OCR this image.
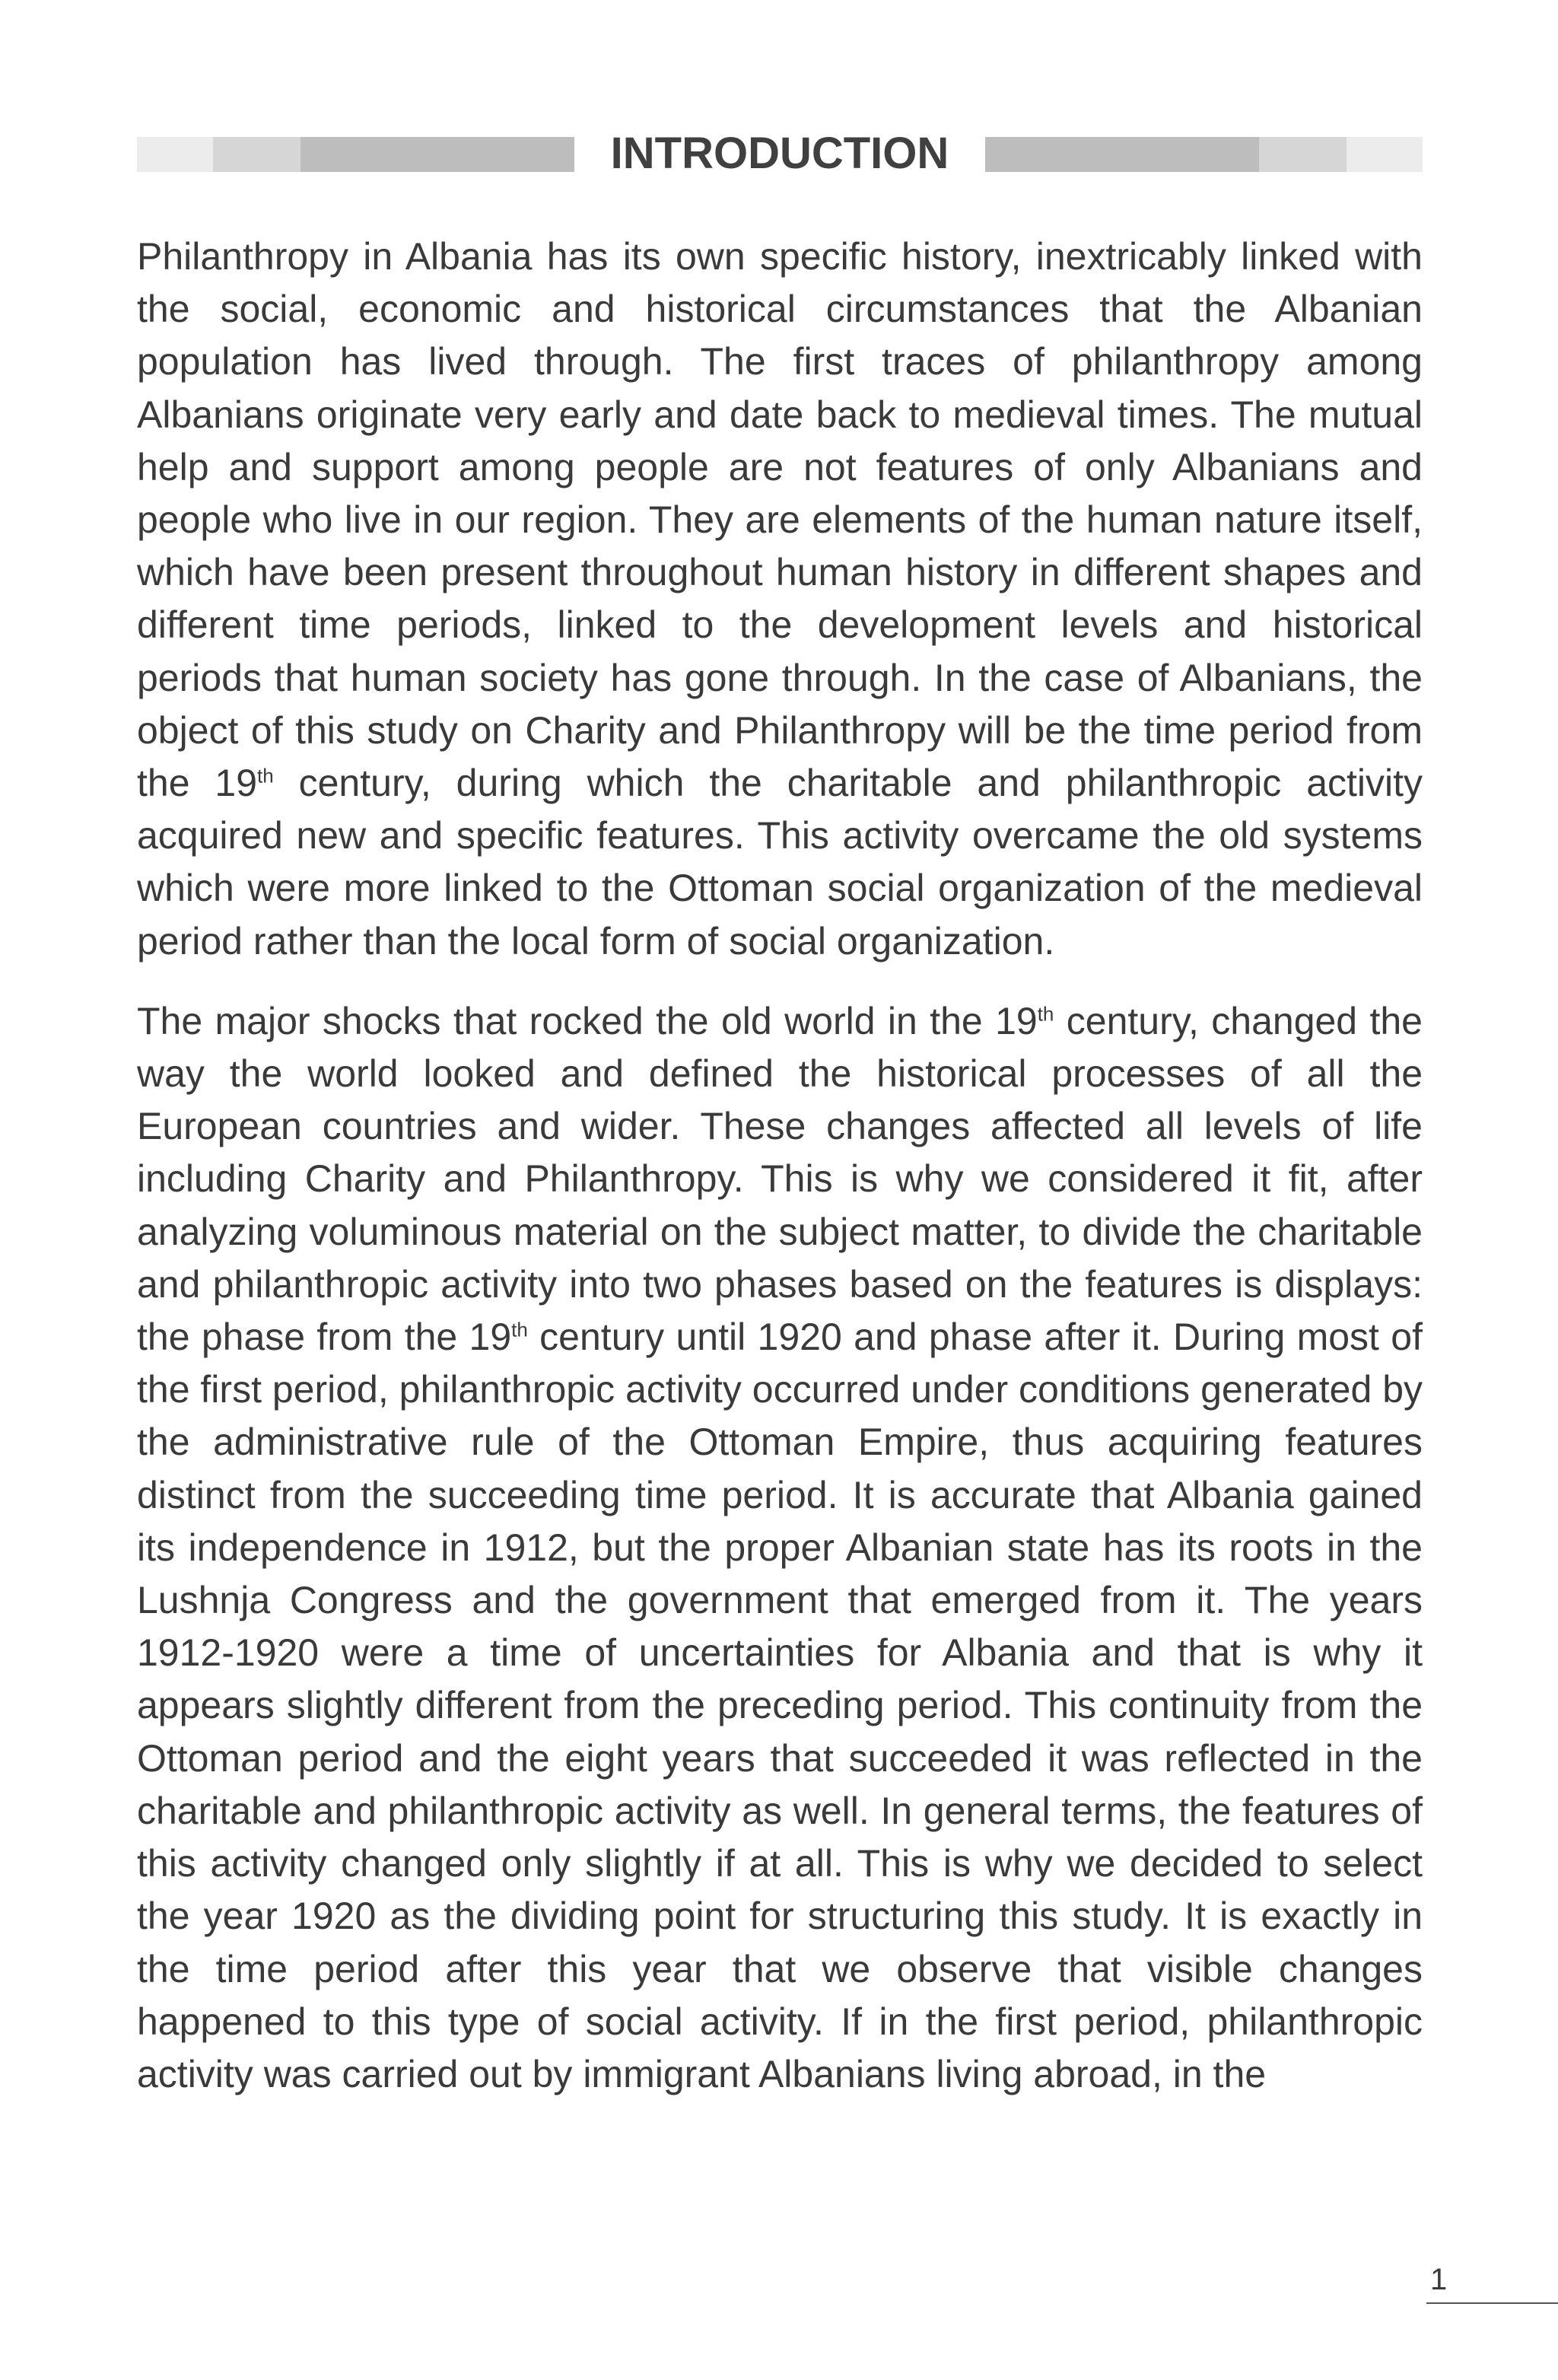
INTRODUCTION

Philanthropy in Albania has its own specific history, inextricably linked with the social, economic and historical circumstances that the Albanian population has lived through. The first traces of philanthropy among Albanians originate very early and date back to medieval times. The mutual help and support among people are not features of only Albanians and people who live in our region. They are elements of the human nature itself, which have been present throughout human history in different shapes and different time periods, linked to the development levels and historical periods that human society has gone through. In the case of Albanians, the object of this study on Charity and Philanthropy will be the time period from the 19th century, during which the charitable and philanthropic activity acquired new and specific features. This activity overcame the old systems which were more linked to the Ottoman social organization of the medieval period rather than the local form of social organization.

The major shocks that rocked the old world in the 19th century, changed the way the world looked and defined the historical processes of all the European countries and wider. These changes affected all levels of life including Charity and Philanthropy. This is why we considered it fit, after analyzing voluminous material on the subject matter, to divide the charitable and philanthropic activity into two phases based on the features is displays: the phase from the 19th century until 1920 and phase after it. During most of the first period, philanthropic activity occurred under conditions generated by the administrative rule of the Ottoman Empire, thus acquiring features distinct from the succeeding time period. It is accurate that Albania gained its independence in 1912, but the proper Albanian state has its roots in the Lushnja Congress and the government that emerged from it. The years 1912-1920 were a time of uncertainties for Albania and that is why it appears slightly different from the preceding period. This continuity from the Ottoman period and the eight years that succeeded it was reflected in the charitable and philanthropic activity as well. In general terms, the features of this activity changed only slightly if at all. This is why we decided to select the year 1920 as the dividing point for structuring this study. It is exactly in the time period after this year that we observe that visible changes happened to this type of social activity. If in the first period, philanthropic activity was carried out by immigrant Albanians living abroad, in the

1
